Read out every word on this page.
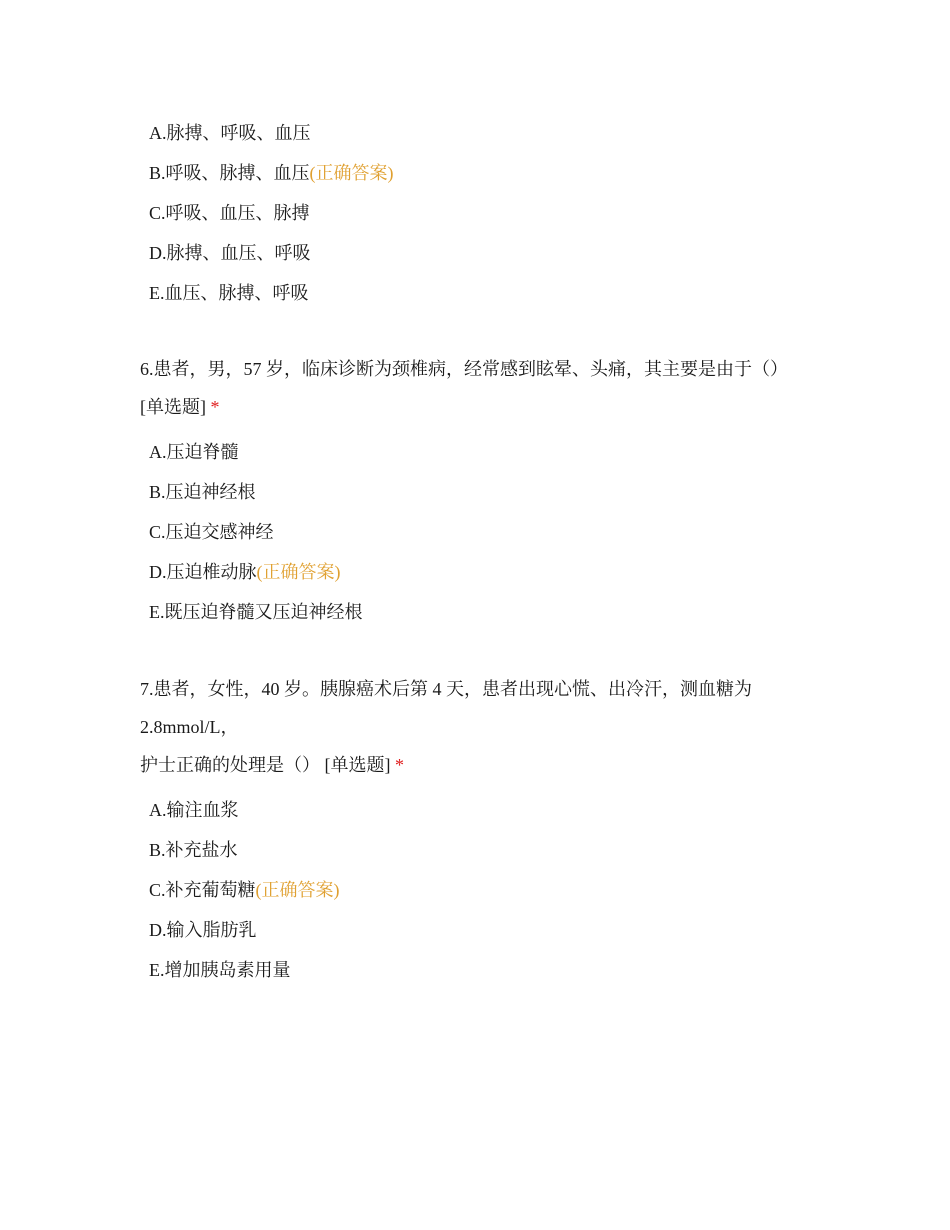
A.脉搏、呼吸、血压
B.呼吸、脉搏、血压(正确答案)
C.呼吸、血压、脉搏
D.脉搏、血压、呼吸
E.血压、脉搏、呼吸
6.患者，男，57 岁，临床诊断为颈椎病，经常感到眩晕、头痛，其主要是由于（）
[单选题] *
A.压迫脊髓
B.压迫神经根
C.压迫交感神经
D.压迫椎动脉(正确答案)
E.既压迫脊髓又压迫神经根
7.患者，女性，40 岁。胰腺癌术后第 4 天，患者出现心慌、出冷汗，测血糖为
2.8mmol/L，
护士正确的处理是（） [单选题] *
A.输注血浆
B.补充盐水
C.补充葡萄糖(正确答案)
D.输入脂肪乳
E.增加胰岛素用量
